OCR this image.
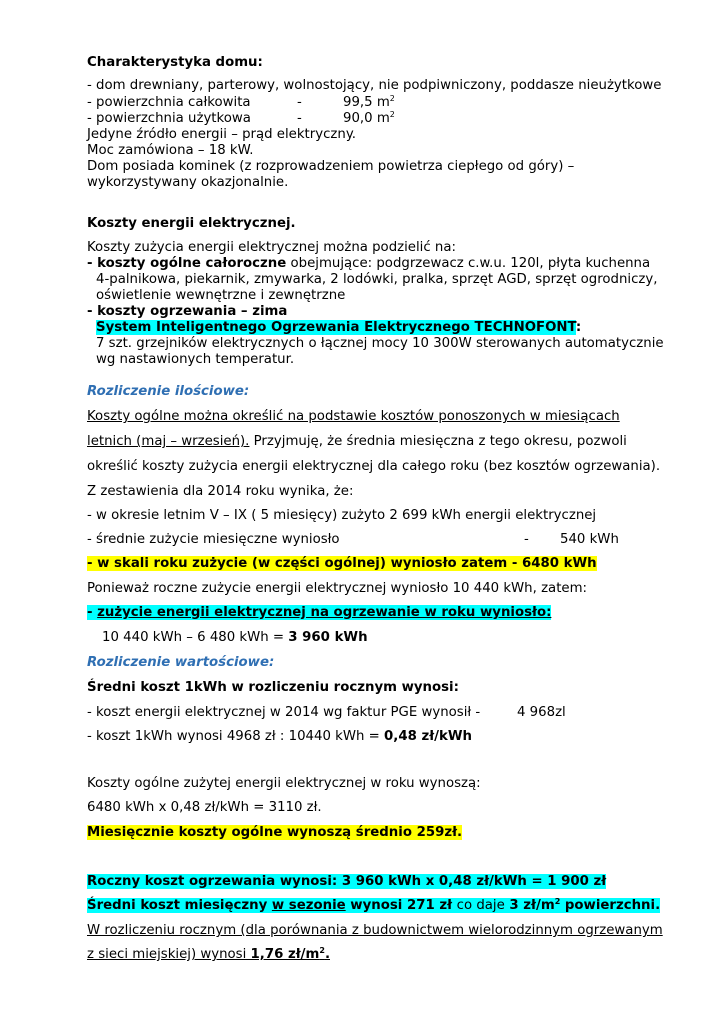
Charakterystyka domu:
- dom drewniany, parterowy, wolnostojący, nie podpiwniczony, poddasze nieużytkowe
- powierzchnia całkowita	-	99,5 $m^2$
- powierzchnia użytkowa	-	90,0 $m^2$
Jedyne źródło energii – prąd elektryczny.
Moc zamówiona – 18 kW.
Dom posiada kominek (z rozprowadzeniem powietrza ciepłego od góry) –
wykorzystywany okazjonalnie.
Koszty energii elektrycznej.
Koszty zużycia energii elektrycznej można podzielić na:
- koszty ogólne całoroczne obejmujące: podgrzewacz c.w.u. 120l, płyta kuchenna
4-palnikowa, piekarnik, zmywarka, 2 lodówki, pralka, sprzęt AGD, sprzęt ogrodniczy,
oświetlenie wewnętrzne i zewnętrzne
- koszty ogrzewania – zima
System Inteligentnego Ogrzewania Elektrycznego TECHNOFONT:
7 szt. grzejników elektrycznych o łącznej mocy 10 300W sterowanych automatycznie
wg nastawionych temperatur.
Rozliczenie ilościowe:
Koszty ogólne można określić na podstawie kosztów ponoszonych w miesiącach
letnich (maj – wrzesień). Przyjmuję, że średnia miesięczna z tego okresu, pozwoli
określić koszty zużycia energii elektrycznej dla całego roku (bez kosztów ogrzewania).
Z zestawienia dla 2014 roku wynika, że:
- w okresie letnim V – IX ( 5 miesięcy) zużyto 2 699 kWh energii elektrycznej
- średnie zużycie miesięczne wyniosło	- 540 kWh
- w skali roku zużycie (w części ogólnej) wyniosło zatem - 6480 kWh
Ponieważ roczne zużycie energii elektrycznej wyniosło 10 440 kWh, zatem:
- zużycie energii elektrycznej na ogrzewanie w roku wyniosło:
10 440 kWh – 6 480 kWh = 3 960 kWh
Rozliczenie wartościowe:
Średni koszt 1kWh w rozliczeniu rocznym wynosi:
- koszt energii elektrycznej w 2014 wg faktur PGE wynosił -	4 968zl
- koszt 1kWh wynosi 4968 zł : 10440 kWh = 0,48 zł/kWh
Koszty ogólne zużytej energii elektrycznej w roku wynoszą:
6480 kWh x 0,48 zł/kWh = 3110 zł.
Miesięcznie koszty ogólne wynoszą średnio 259zł.
Roczny koszt ogrzewania wynosi: 3 960 kWh x 0,48 zł/kWh = 1 900 zł
Średni koszt miesięczny w sezonie wynosi 271 zł co daje 3 $zł/m^2$ powierzchni.
W rozliczeniu rocznym (dla porównania z budownictwem wielorodzinnym ogrzewanym
z sieci miejskiej) wynosi 1,76 $zł/m^2$.
